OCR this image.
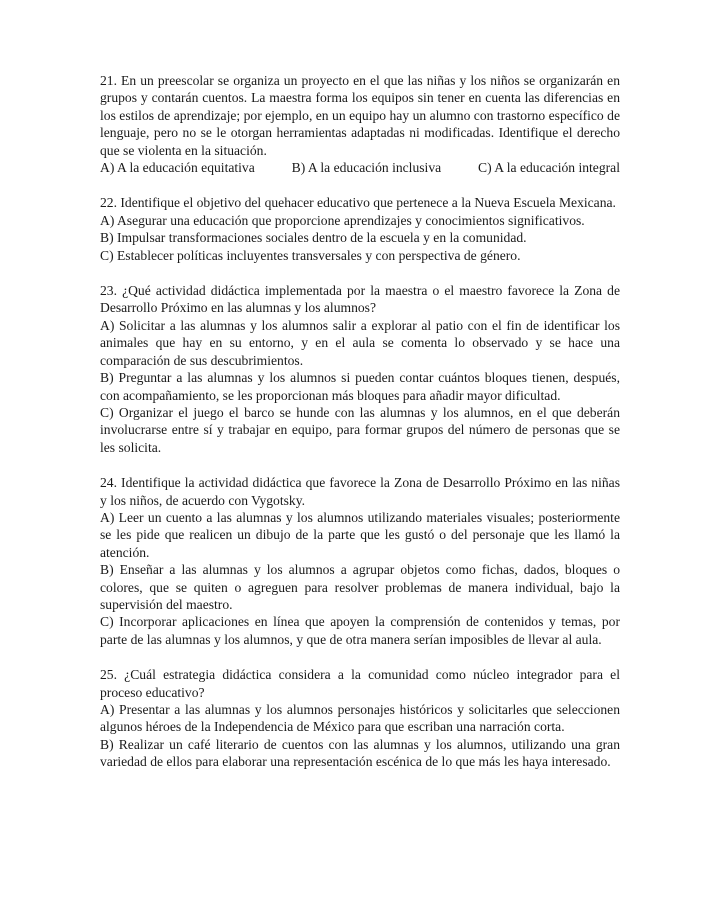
21. En un preescolar se organiza un proyecto en el que las niñas y los niños se organizarán en grupos y contarán cuentos. La maestra forma los equipos sin tener en cuenta las diferencias en los estilos de aprendizaje; por ejemplo, en un equipo hay un alumno con trastorno específico de lenguaje, pero no se le otorgan herramientas adaptadas ni modificadas. Identifique el derecho que se violenta en la situación.

A) A la educación equitativa	B) A la educación inclusiva	C) A la educación integral

22. Identifique el objetivo del quehacer educativo que pertenece a la Nueva Escuela Mexicana.

A) Asegurar una educación que proporcione aprendizajes y conocimientos significativos.

B) Impulsar transformaciones sociales dentro de la escuela y en la comunidad.

C) Establecer políticas incluyentes transversales y con perspectiva de género.

23. ¿Qué actividad didáctica implementada por la maestra o el maestro favorece la Zona de Desarrollo Próximo en las alumnas y los alumnos?

A) Solicitar a las alumnas y los alumnos salir a explorar al patio con el fin de identificar los animales que hay en su entorno, y en el aula se comenta lo observado y se hace una comparación de sus descubrimientos.

B) Preguntar a las alumnas y los alumnos si pueden contar cuántos bloques tienen, después, con acompañamiento, se les proporcionan más bloques para añadir mayor dificultad.

C) Organizar el juego el barco se hunde con las alumnas y los alumnos, en el que deberán involucrarse entre sí y trabajar en equipo, para formar grupos del número de personas que se les solicita.

24. Identifique la actividad didáctica que favorece la Zona de Desarrollo Próximo en las niñas y los niños, de acuerdo con Vygotsky.

A) Leer un cuento a las alumnas y los alumnos utilizando materiales visuales; posteriormente se les pide que realicen un dibujo de la parte que les gustó o del personaje que les llamó la atención.

B) Enseñar a las alumnas y los alumnos a agrupar objetos como fichas, dados, bloques o colores, que se quiten o agreguen para resolver problemas de manera individual, bajo la supervisión del maestro.

C) Incorporar aplicaciones en línea que apoyen la comprensión de contenidos y temas, por parte de las alumnas y los alumnos, y que de otra manera serían imposibles de llevar al aula.

25. ¿Cuál estrategia didáctica considera a la comunidad como núcleo integrador para el proceso educativo?

A) Presentar a las alumnas y los alumnos personajes históricos y solicitarles que seleccionen algunos héroes de la Independencia de México para que escriban una narración corta.

B) Realizar un café literario de cuentos con las alumnas y los alumnos, utilizando una gran variedad de ellos para elaborar una representación escénica de lo que más les haya interesado.
